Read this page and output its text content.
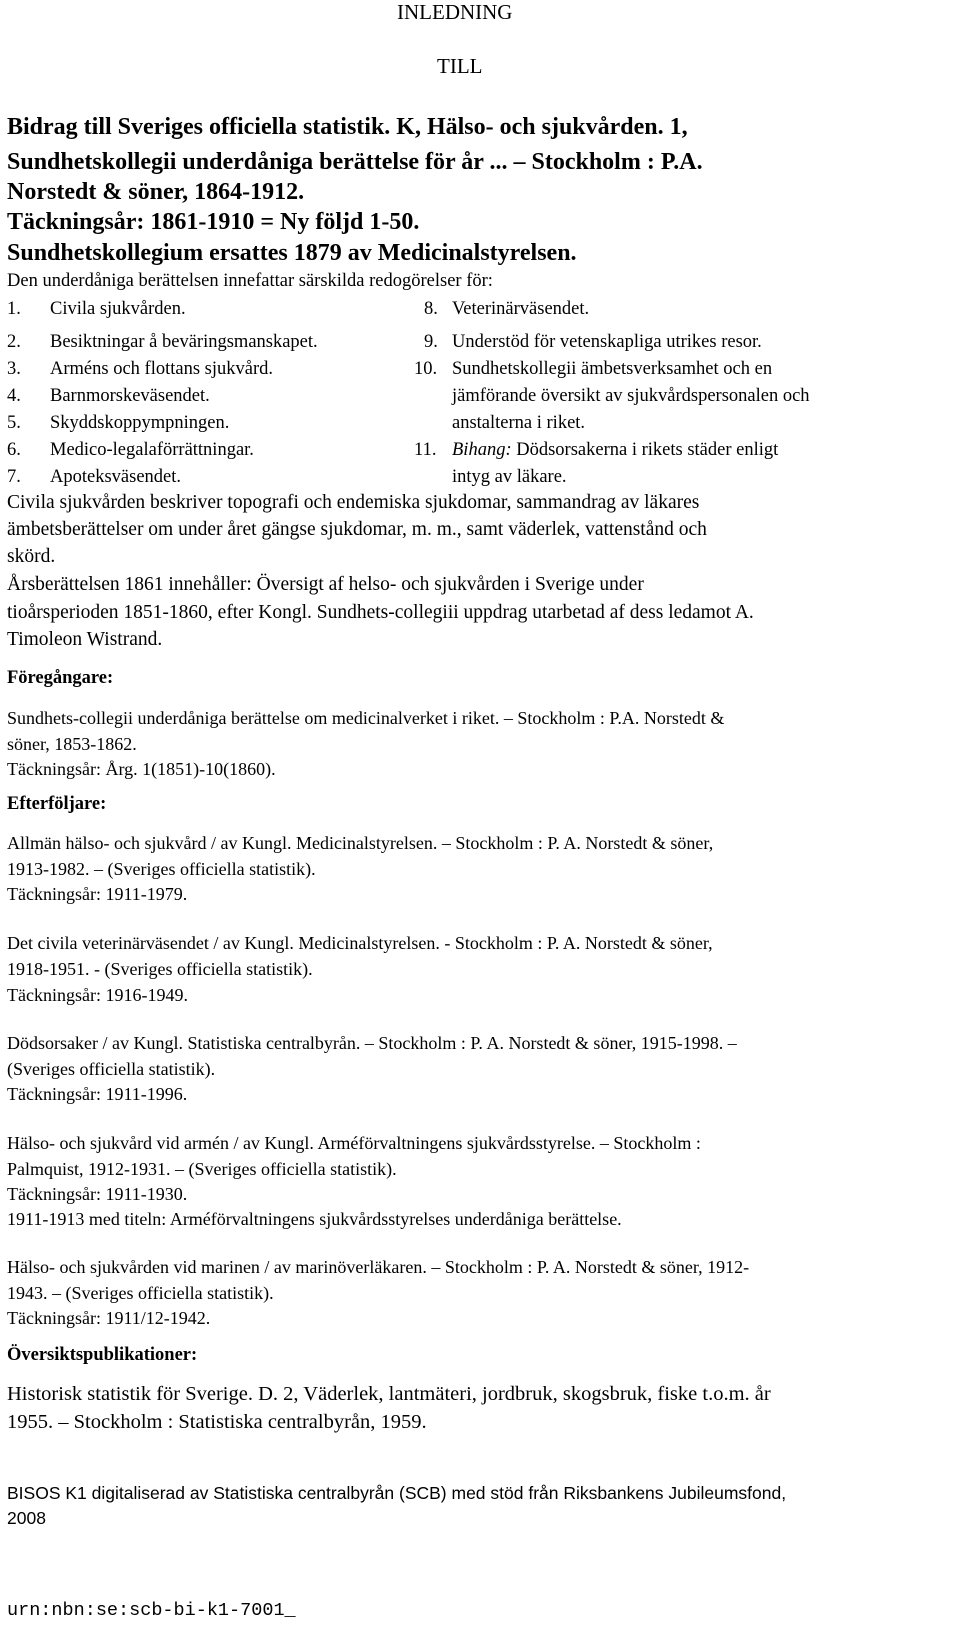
INLEDNING
TILL
Bidrag till Sveriges officiella statistik. K, Hälso- och sjukvården. 1,
Sundhetskollegii underdåniga berättelse för år ... – Stockholm : P.A.
Norstedt & söner, 1864-1912.
Täckningsår: 1861-1910 = Ny följd 1-50.
Sundhetskollegium ersattes 1879 av Medicinalstyrelsen.
Den underdåniga berättelsen innefattar särskilda redogörelser för:
1. Civila sjukvården.
2. Besiktningar å beväringsmanskapet.
3. Arméns och flottans sjukvård.
4. Barnmorskeväsendet.
5. Skyddskoppympningen.
6. Medico-legalaförrättningar.
7. Apoteksväsendet.
8. Veterinärväsendet.
9. Understöd för vetenskapliga utrikes resor.
10. Sundhetskollegii ämbetsverksamhet och en
jämförande översikt av sjukvårdspersonalen och
anstalterna i riket.
11. Bihang: Dödsorsakerna i rikets städer enligt
intyg av läkare.
Civila sjukvården beskriver topografi och endemiska sjukdomar, sammandrag av läkares
ämbetsberättelser om under året gängse sjukdomar, m. m., samt väderlek, vattenstånd och
skörd.
Årsberättelsen 1861 innehåller: Översigt af helso- och sjukvården i Sverige under
tioårsperioden 1851-1860, efter Kongl. Sundhets-collegiii uppdrag utarbetad af dess ledamot A.
Timoleon Wistrand.
Föregångare:
Sundhets-collegii underdåniga berättelse om medicinalverket i riket. – Stockholm : P.A. Norstedt &
söner, 1853-1862.
Täckningsår: Årg. 1(1851)-10(1860).
Efterföljare:
Allmän hälso- och sjukvård / av Kungl. Medicinalstyrelsen. – Stockholm : P. A. Norstedt & söner,
1913-1982. – (Sveriges officiella statistik).
Täckningsår: 1911-1979.
Det civila veterinärväsendet / av Kungl. Medicinalstyrelsen. - Stockholm : P. A. Norstedt & söner,
1918-1951. - (Sveriges officiella statistik).
Täckningsår: 1916-1949.
Dödsorsaker / av Kungl. Statistiska centralbyrån. – Stockholm : P. A. Norstedt & söner, 1915-1998. –
(Sveriges officiella statistik).
Täckningsår: 1911-1996.
Hälso- och sjukvård vid armén / av Kungl. Arméförvaltningens sjukvårdsstyrelse. – Stockholm :
Palmquist, 1912-1931. – (Sveriges officiella statistik).
Täckningsår: 1911-1930.
1911-1913 med titeln: Arméförvaltningens sjukvårdsstyrelses underdåniga berättelse.
Hälso- och sjukvården vid marinen / av marinöverläkaren. – Stockholm : P. A. Norstedt & söner, 1912-
1943. – (Sveriges officiella statistik).
Täckningsår: 1911/12-1942.
Översiktspublikationer:
Historisk statistik för Sverige. D. 2, Väderlek, lantmäteri, jordbruk, skogsbruk, fiske t.o.m. år
1955. – Stockholm : Statistiska centralbyrån, 1959.
BISOS K1 digitaliserad av Statistiska centralbyrån (SCB) med stöd från Riksbankens Jubileumsfond,
2008
urn:nbn:se:scb-bi-k1-7001_
